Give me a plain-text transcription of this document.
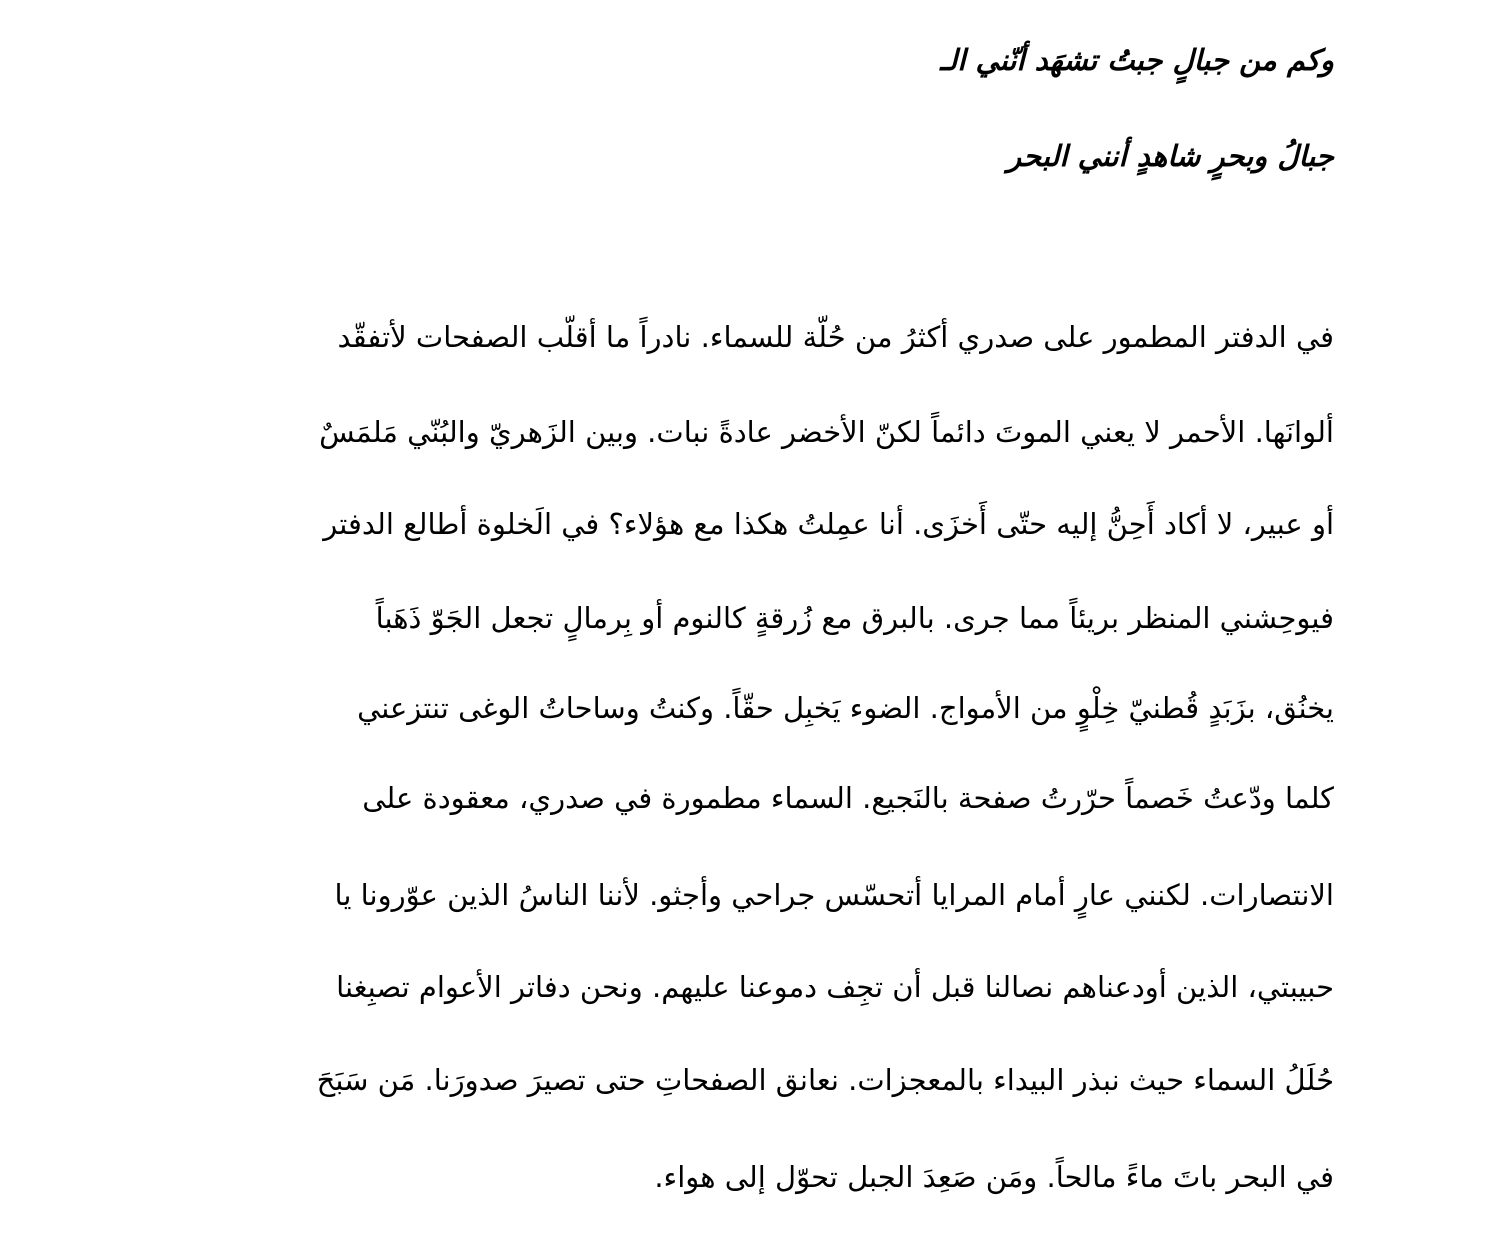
وكم من جبالٍ جبتُ تشهَد أنّني الـ
جبالُ وبحرٍ شاهدٍ أنني البحر
في الدفتر المطمور على صدري أكثرُ من حُلّة للسماء. نادراً ما أقلّب الصفحات لأتفقّد
ألوانَها. الأحمر لا يعني الموتَ دائماً لكنّ الأخضر عادةً نبات. وبين الزَهريّ والبُنّي مَلمَسٌ
أو عبير، لا أكاد أَحِنُّ إليه حتّى أَخزَى. أنا عمِلتُ هكذا مع هؤلاء؟ في الَخلوة أطالع الدفتر
فيوحِشني المنظر بريئاً مما جرى. بالبرق مع زُرقةٍ كالنوم أو بِرمالٍ تجعل الجَوّ ذَهَباً
يخنُق، بزَبَدٍ قُطنيّ خِلْوٍ من الأمواج. الضوء يَخبِل حقّاً. وكنتُ وساحاتُ الوغى تنتزعني
كلما ودّعتُ خَصماً حرّرتُ صفحة بالنَجيع. السماء مطمورة في صدري، معقودة على
الانتصارات. لكنني عارٍ أمام المرايا أتحسّس جراحي وأجثو. لأننا الناسُ الذين عوّرونا يا
حبيبتي، الذين أودعناهم نصالنا قبل أن تجِف دموعنا عليهم. ونحن دفاتر الأعوام تصبِغنا
حُلَلُ السماء حيث نبذر البيداء بالمعجزات. نعانق الصفحاتِ حتى تصيرَ صدورَنا. مَن سَبَحَ
في البحر باتَ ماءً مالحاً. ومَن صَعِدَ الجبل تحوّل إلى هواء.
